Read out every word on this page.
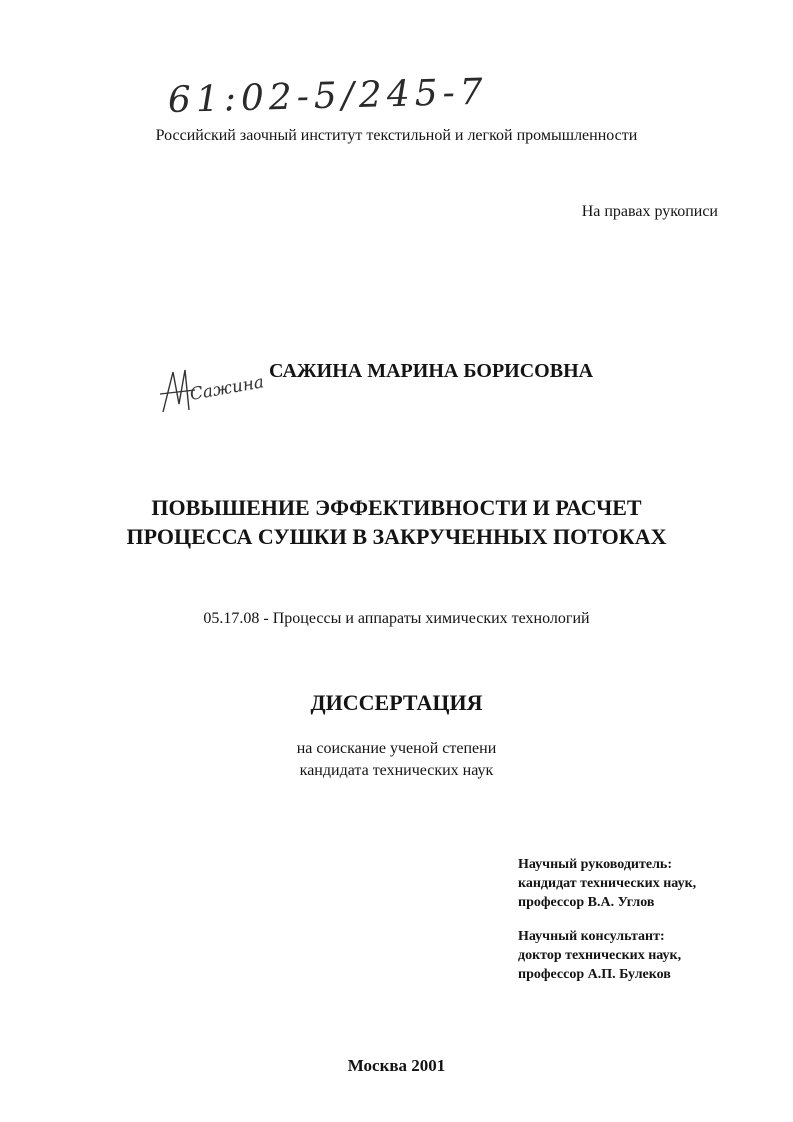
61:02-5/245-7
Российский заочный институт текстильной и легкой промышленности
На правах рукописи
Сажина
САЖИНА МАРИНА БОРИСОВНА
ПОВЫШЕНИЕ ЭФФЕКТИВНОСТИ И РАСЧЕТ
ПРОЦЕССА СУШКИ В ЗАКРУЧЕННЫХ ПОТОКАХ
05.17.08 - Процессы и аппараты химических технологий
ДИССЕРТАЦИЯ
на соискание ученой степени
кандидата технических наук
Научный руководитель:
кандидат технических наук,
профессор В.А. Углов
Научный консультант:
доктор технических наук,
профессор А.П. Булеков
Москва 2001
